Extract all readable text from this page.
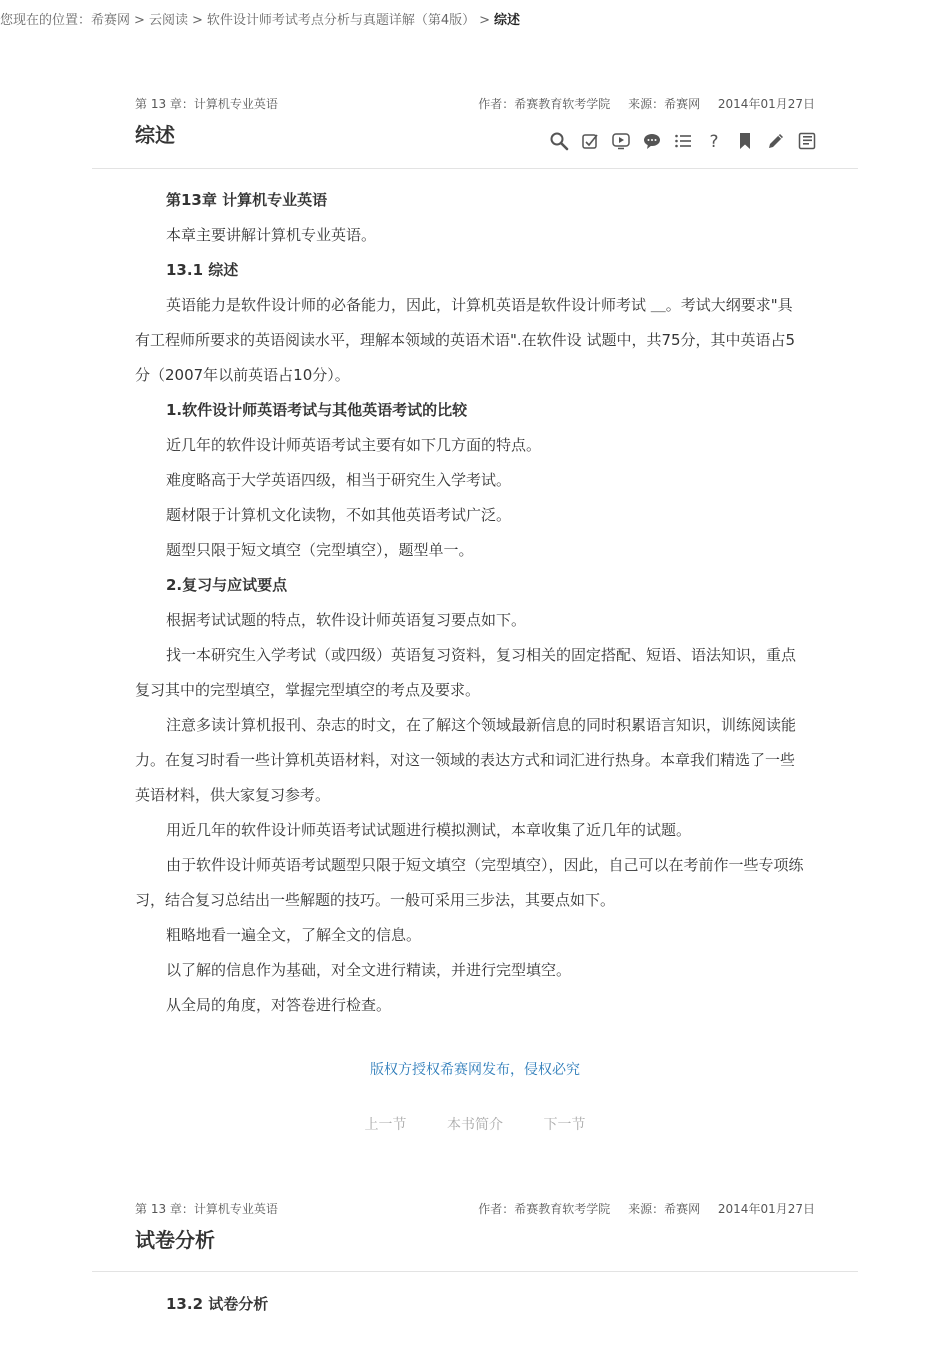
您现在的位置：希赛网 > 云阅读 > 软件设计师考试考点分析与真题详解（第4版） > 综述
第 13 章：计算机专业英语	作者：希赛教育软考学院 来源：希赛网 2014年01月27日
综述	?

第13章 计算机专业英语

本章主要讲解计算机专业英语。

13.1 综述

英语能力是软件设计师的必备能力，因此，计算机英语是软件设计师考试 ＿。考试大纲要求"具有工程师所要求的英语阅读水平，理解本领域的英语术语".在软件设 试题中，共75分，其中英语占5分（2007年以前英语占10分）。

1.软件设计师英语考试与其他英语考试的比较

近几年的软件设计师英语考试主要有如下几方面的特点。

难度略高于大学英语四级，相当于研究生入学考试。

题材限于计算机文化读物，不如其他英语考试广泛。

题型只限于短文填空（完型填空），题型单一。

2.复习与应试要点

根据考试试题的特点，软件设计师英语复习要点如下。

找一本研究生入学考试（或四级）英语复习资料，复习相关的固定搭配、短语、语法知识，重点复习其中的完型填空，掌握完型填空的考点及要求。

注意多读计算机报刊、杂志的时文，在了解这个领域最新信息的同时积累语言知识，训练阅读能力。在复习时看一些计算机英语材料，对这一领域的表达方式和词汇进行热身。本章我们精选了一些英语材料，供大家复习参考。

用近几年的软件设计师英语考试试题进行模拟测试，本章收集了近几年的试题。

由于软件设计师英语考试题型只限于短文填空（完型填空），因此，自己可以在考前作一些专项练习，结合复习总结出一些解题的技巧。一般可采用三步法，其要点如下。

粗略地看一遍全文，了解全文的信息。

以了解的信息作为基础，对全文进行精读，并进行完型填空。

从全局的角度，对答卷进行检查。

版权方授权希赛网发布，侵权必究
上一节	本书简介	下一节
第 13 章：计算机专业英语	作者：希赛教育软考学院 来源：希赛网 2014年01月27日
试卷分析

13.2 试卷分析
